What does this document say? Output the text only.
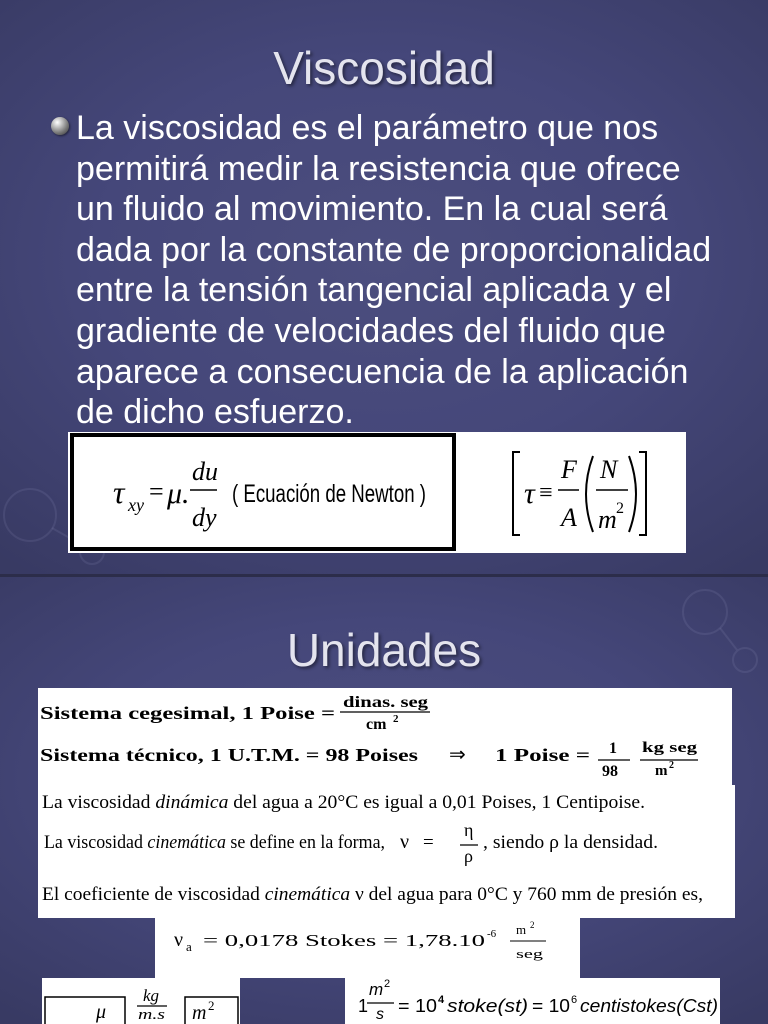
Viscosidad
La viscosidad es el parámetro que nos
permitirá medir la resistencia que ofrece
un fluido al movimiento. En la cual será
dada por la constante de proporcionalidad
entre la tensión tangencial aplicada y el
gradiente de velocidades del fluido que
aparece a consecuencia de la aplicación
de dicho esfuerzo.
Unidades
τ xy = μ.
du
dy
( Ecuación de Newton )	τ ≡
F
A
N
m 2
Sistema cegesimal, 1 Poise =
dinas. seg
cm 2
Sistema técnico, 1 U.T.M. = 98 Poises ⇒ 1 Poise = 1
98
kg seg
m 2
La viscosidad dinámica del agua a 20°C es igual a 0,01 Poises, 1 Centipoise.
La viscosidad cinemática se define en la forma, ν =
η
ρ
, siendo ρ la densidad.
El coeficiente de viscosidad cinemática ν del agua para 0°C y 760 mm de presión es,
ν a = 0,0178 Stokes = 1,78.10 -6 m 2
seg
μ
kg
m.s m 2	1
m 2
s = 10 4 stoke(st) = 10 6 centistokes(Cst)
